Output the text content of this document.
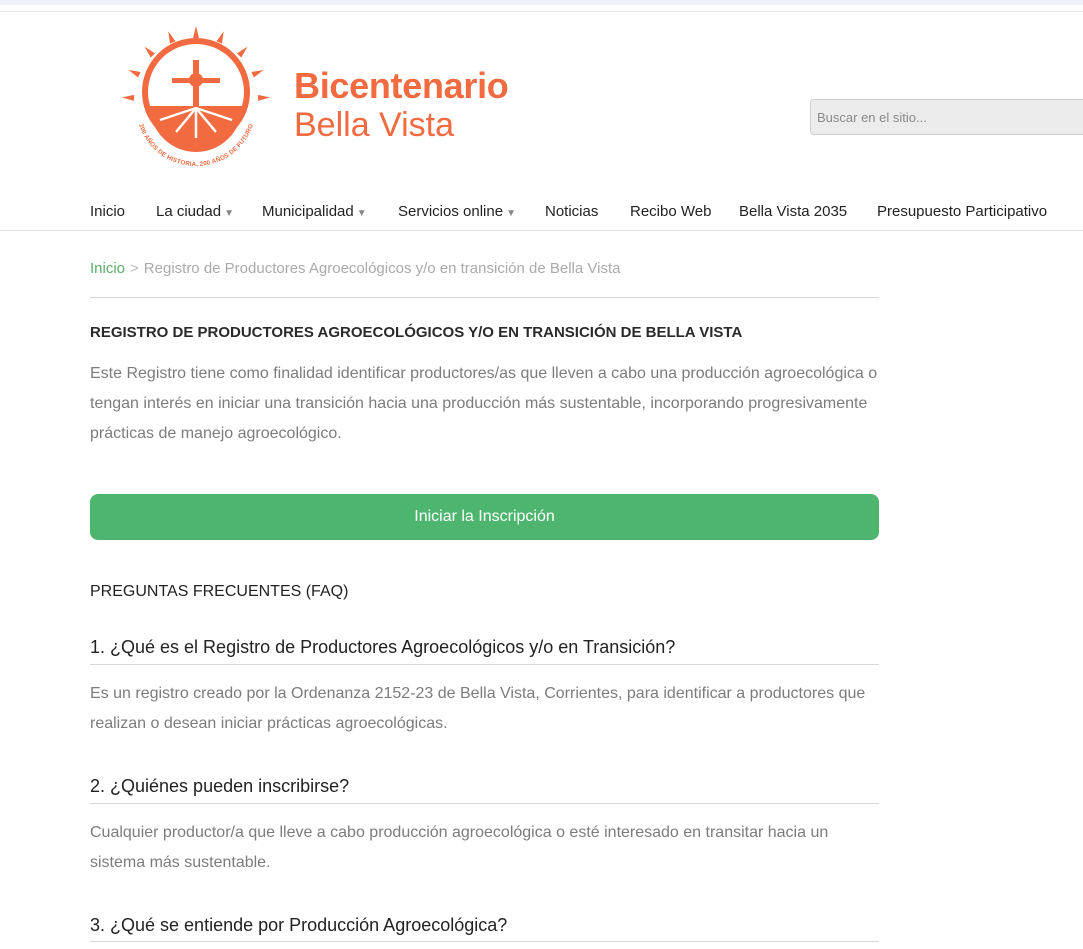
200 AÑOS DE HISTORIA, 200 AÑOS DE FUTURO
Bicentenario
Bella Vista
Buscar en el sitio...
Inicio La ciudad ▼ Municipalidad ▼ Servicios online ▼ Noticias Recibo Web Bella Vista 2035 Presupuesto Participativo
Inicio > Registro de Productores Agroecológicos y/o en transición de Bella Vista
REGISTRO DE PRODUCTORES AGROECOLÓGICOS Y/O EN TRANSICIÓN DE BELLA VISTA

Este Registro tiene como finalidad identificar productores/as que lleven a cabo una producción agroecológica o tengan interés en iniciar una transición hacia una producción más sustentable, incorporando progresivamente prácticas de manejo agroecológico.

Iniciar la Inscripción
PREGUNTAS FRECUENTES (FAQ)
1. ¿Qué es el Registro de Productores Agroecológicos y/o en Transición?

Es un registro creado por la Ordenanza 2152-23 de Bella Vista, Corrientes, para identificar a productores que realizan o desean iniciar prácticas agroecológicas.

2. ¿Quiénes pueden inscribirse?

Cualquier productor/a que lleve a cabo producción agroecológica o esté interesado en transitar hacia un sistema más sustentable.

3. ¿Qué se entiende por Producción Agroecológica?
